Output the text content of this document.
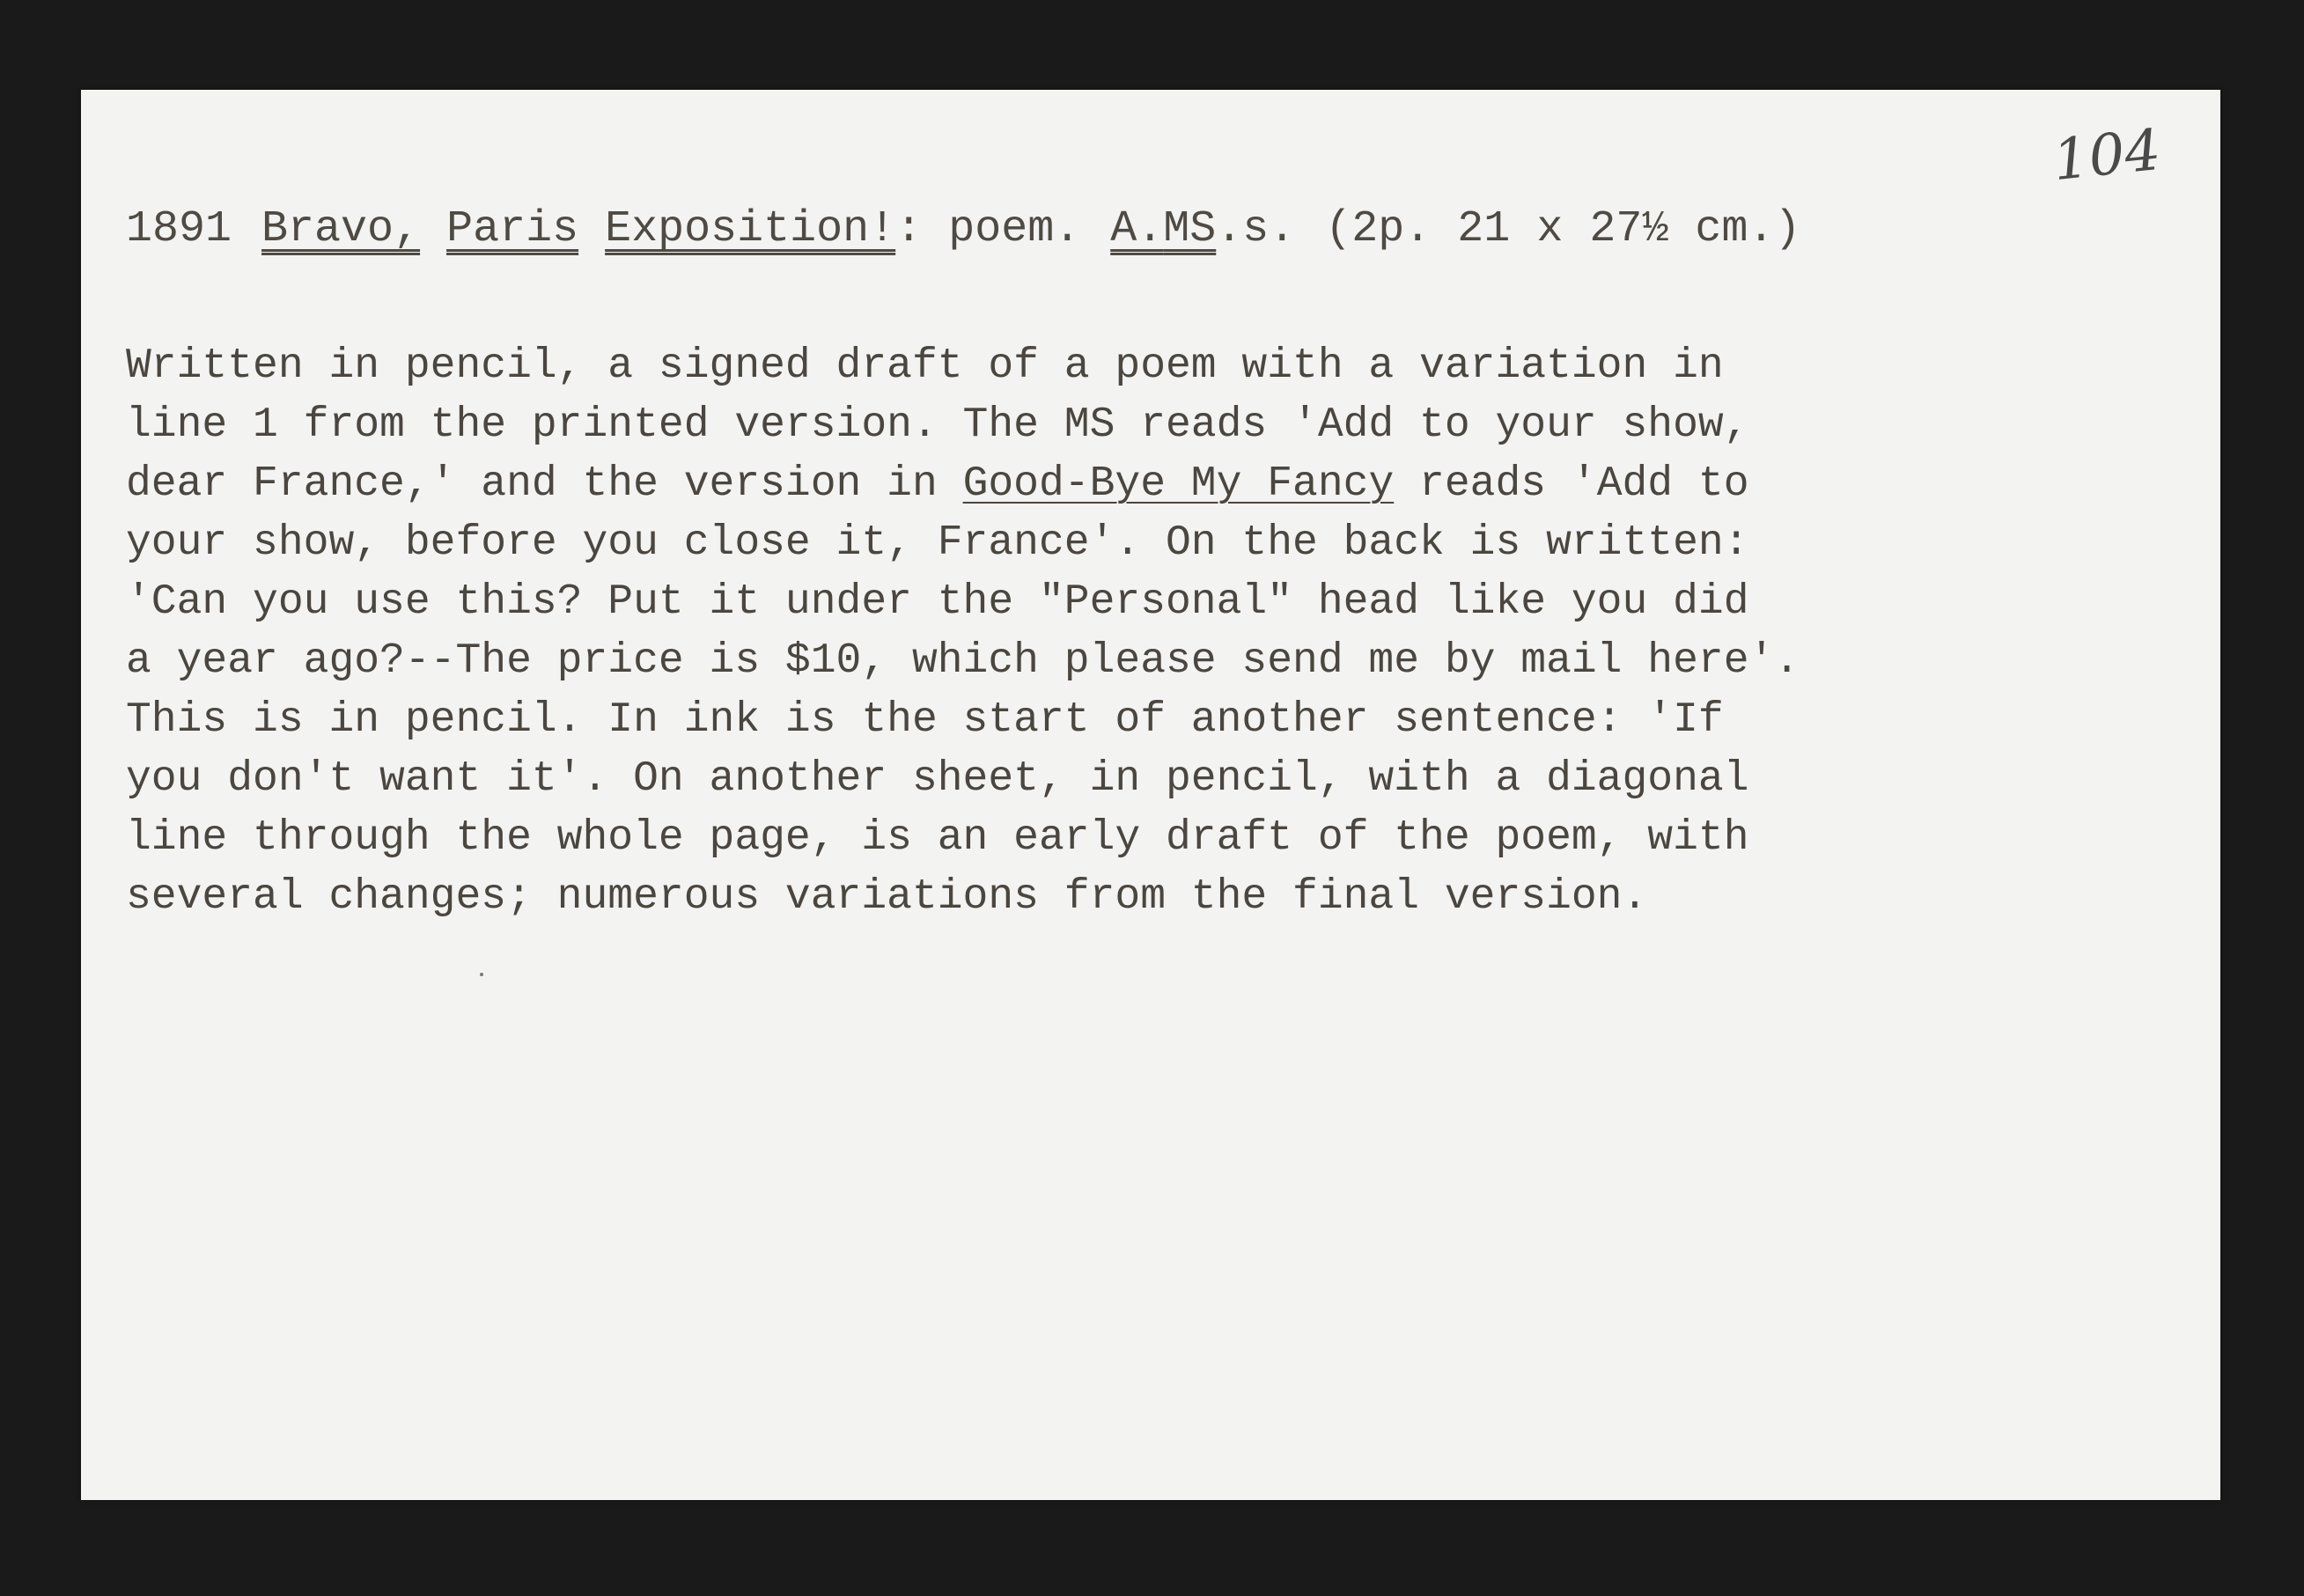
104
1891 Bravo, Paris Exposition!: poem. A.MS.s. (2p. 21 x 27½ cm.)
Written in pencil, a signed draft of a poem with a variation in
line 1 from the printed version. The MS reads 'Add to your show,
dear France,' and the version in Good-Bye My Fancy reads 'Add to
your show, before you close it, France'. On the back is written:
'Can you use this? Put it under the "Personal" head like you did
a year ago?--The price is $10, which please send me by mail here'.
This is in pencil. In ink is the start of another sentence: 'If
you don't want it'. On another sheet, in pencil, with a diagonal
line through the whole page, is an early draft of the poem, with
several changes; numerous variations from the final version.
